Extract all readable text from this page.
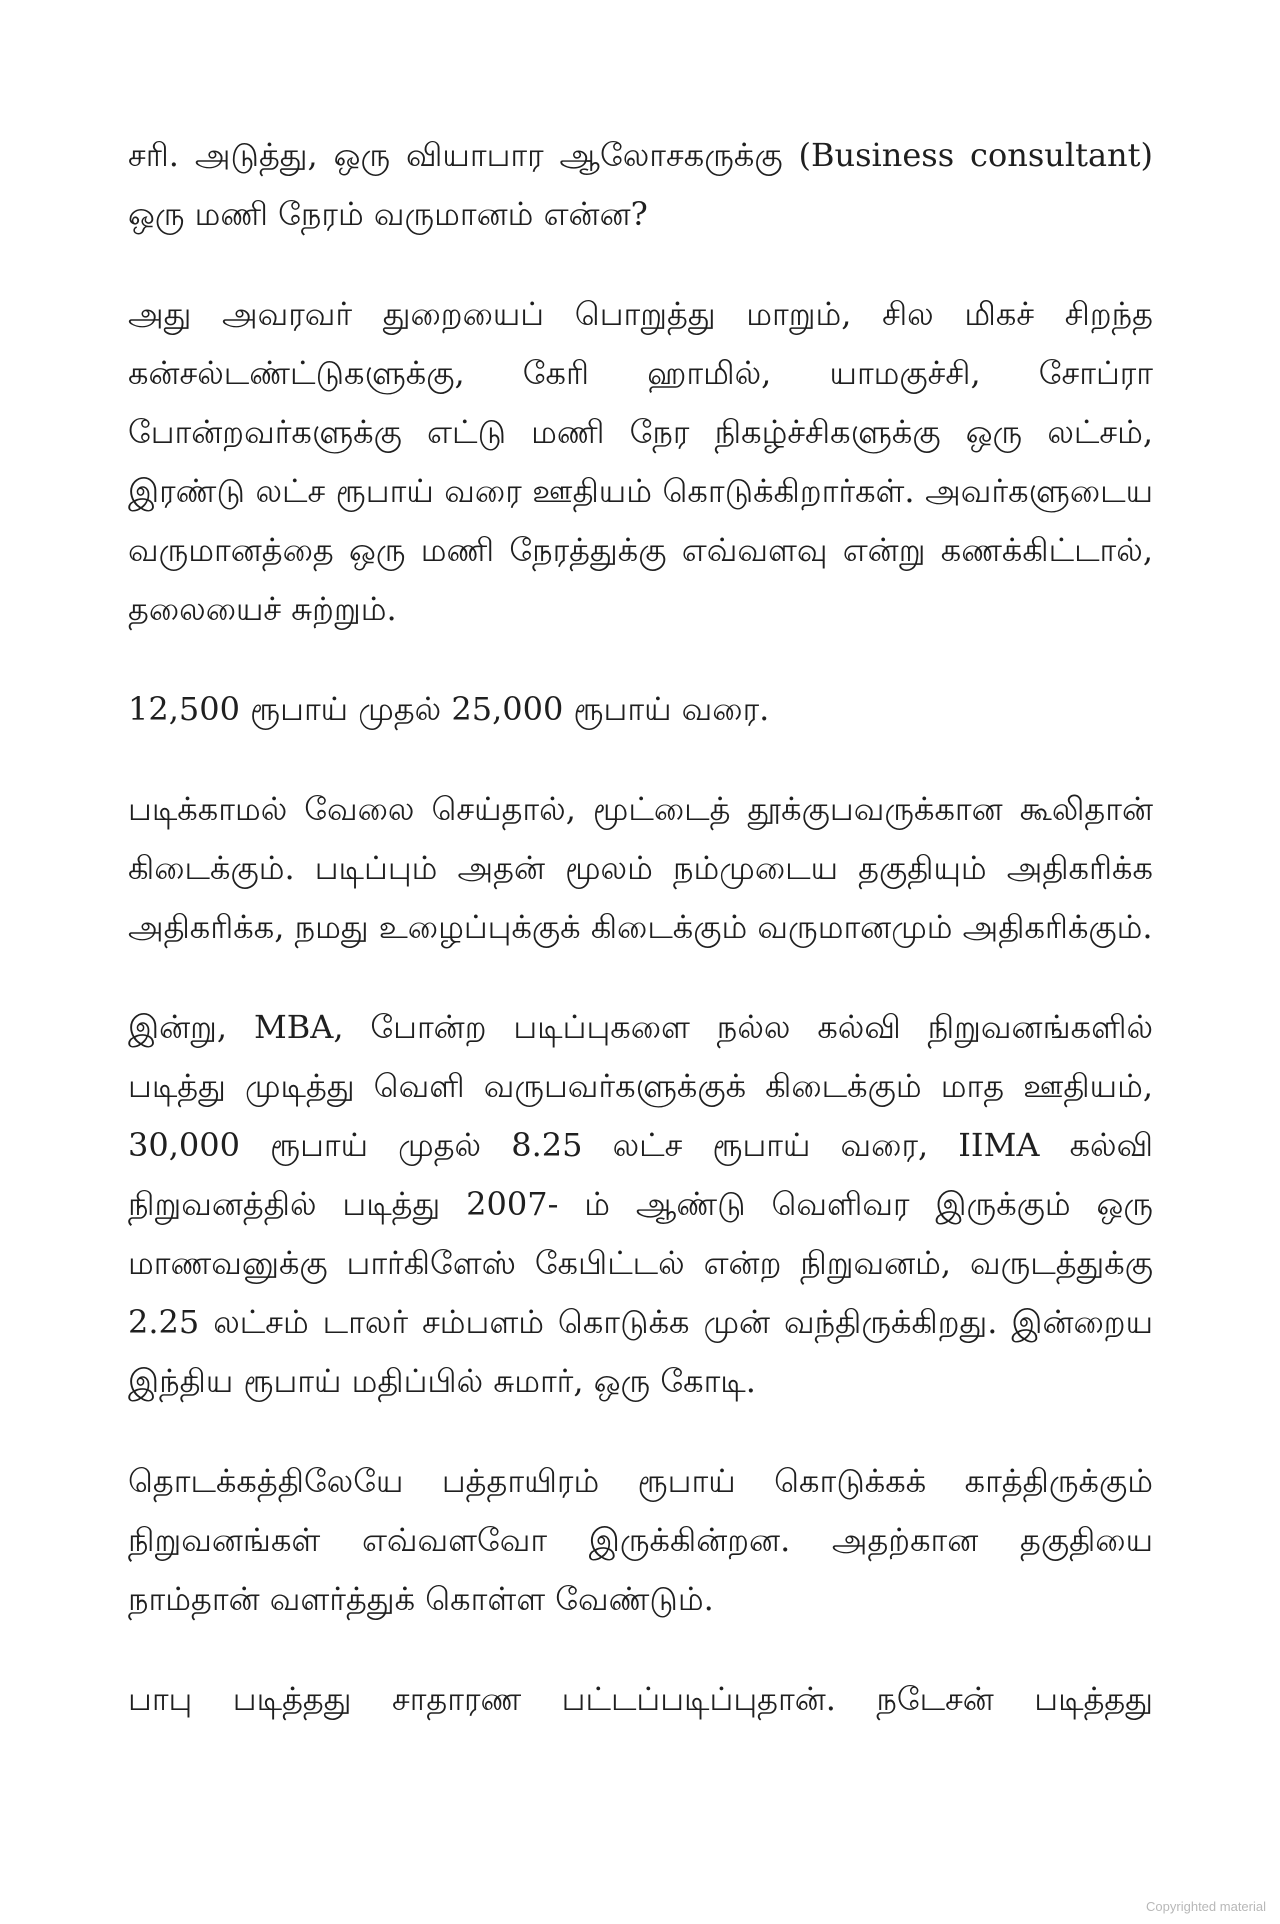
சரி. அடுத்து, ஒரு வியாபார ஆலோசகருக்கு (Business consultant) ஒரு மணி நேரம் வருமானம் என்ன?

அது அவரவர் துறையைப் பொறுத்து மாறும், சில மிகச் சிறந்த கன்சல்டண்ட்டுகளுக்கு, கேரி ஹாமில், யாமகுச்சி, சோப்ரா போன்றவர்களுக்கு எட்டு மணி நேர நிகழ்ச்சிகளுக்கு ஒரு லட்சம், இரண்டு லட்ச ரூபாய் வரை ஊதியம் கொடுக்கிறார்கள். அவர்களுடைய வருமானத்தை ஒரு மணி நேரத்துக்கு எவ்வளவு என்று கணக்கிட்டால், தலையைச் சுற்றும்.

12,500 ரூபாய் முதல் 25,000 ரூபாய் வரை.

படிக்காமல் வேலை செய்தால், மூட்டைத் தூக்குபவருக்கான கூலிதான் கிடைக்கும். படிப்பும் அதன் மூலம் நம்முடைய தகுதியும் அதிகரிக்க அதிகரிக்க, நமது உழைப்புக்குக் கிடைக்கும் வருமானமும் அதிகரிக்கும்.

இன்று, MBA, போன்ற படிப்புகளை நல்ல கல்வி நிறுவனங்களில் படித்து முடித்து வெளி வருபவர்களுக்குக் கிடைக்கும் மாத ஊதியம், 30,000 ரூபாய் முதல் 8.25 லட்ச ரூபாய் வரை, IIMA கல்வி நிறுவனத்தில் படித்து 2007- ம் ஆண்டு வெளிவர இருக்கும் ஒரு மாணவனுக்கு பார்கிளேஸ் கேபிட்டல் என்ற நிறுவனம், வருடத்துக்கு 2.25 லட்சம் டாலர் சம்பளம் கொடுக்க முன் வந்திருக்கிறது. இன்றைய இந்திய ரூபாய் மதிப்பில் சுமார், ஒரு கோடி.

தொடக்கத்திலேயே பத்தாயிரம் ரூபாய் கொடுக்கக் காத்திருக்கும் நிறுவனங்கள் எவ்வளவோ இருக்கின்றன. அதற்கான தகுதியை நாம்தான் வளர்த்துக் கொள்ள வேண்டும்.

பாபு படித்தது சாதாரண பட்டப்படிப்புதான். நடேசன் படித்தது

Copyrighted material
